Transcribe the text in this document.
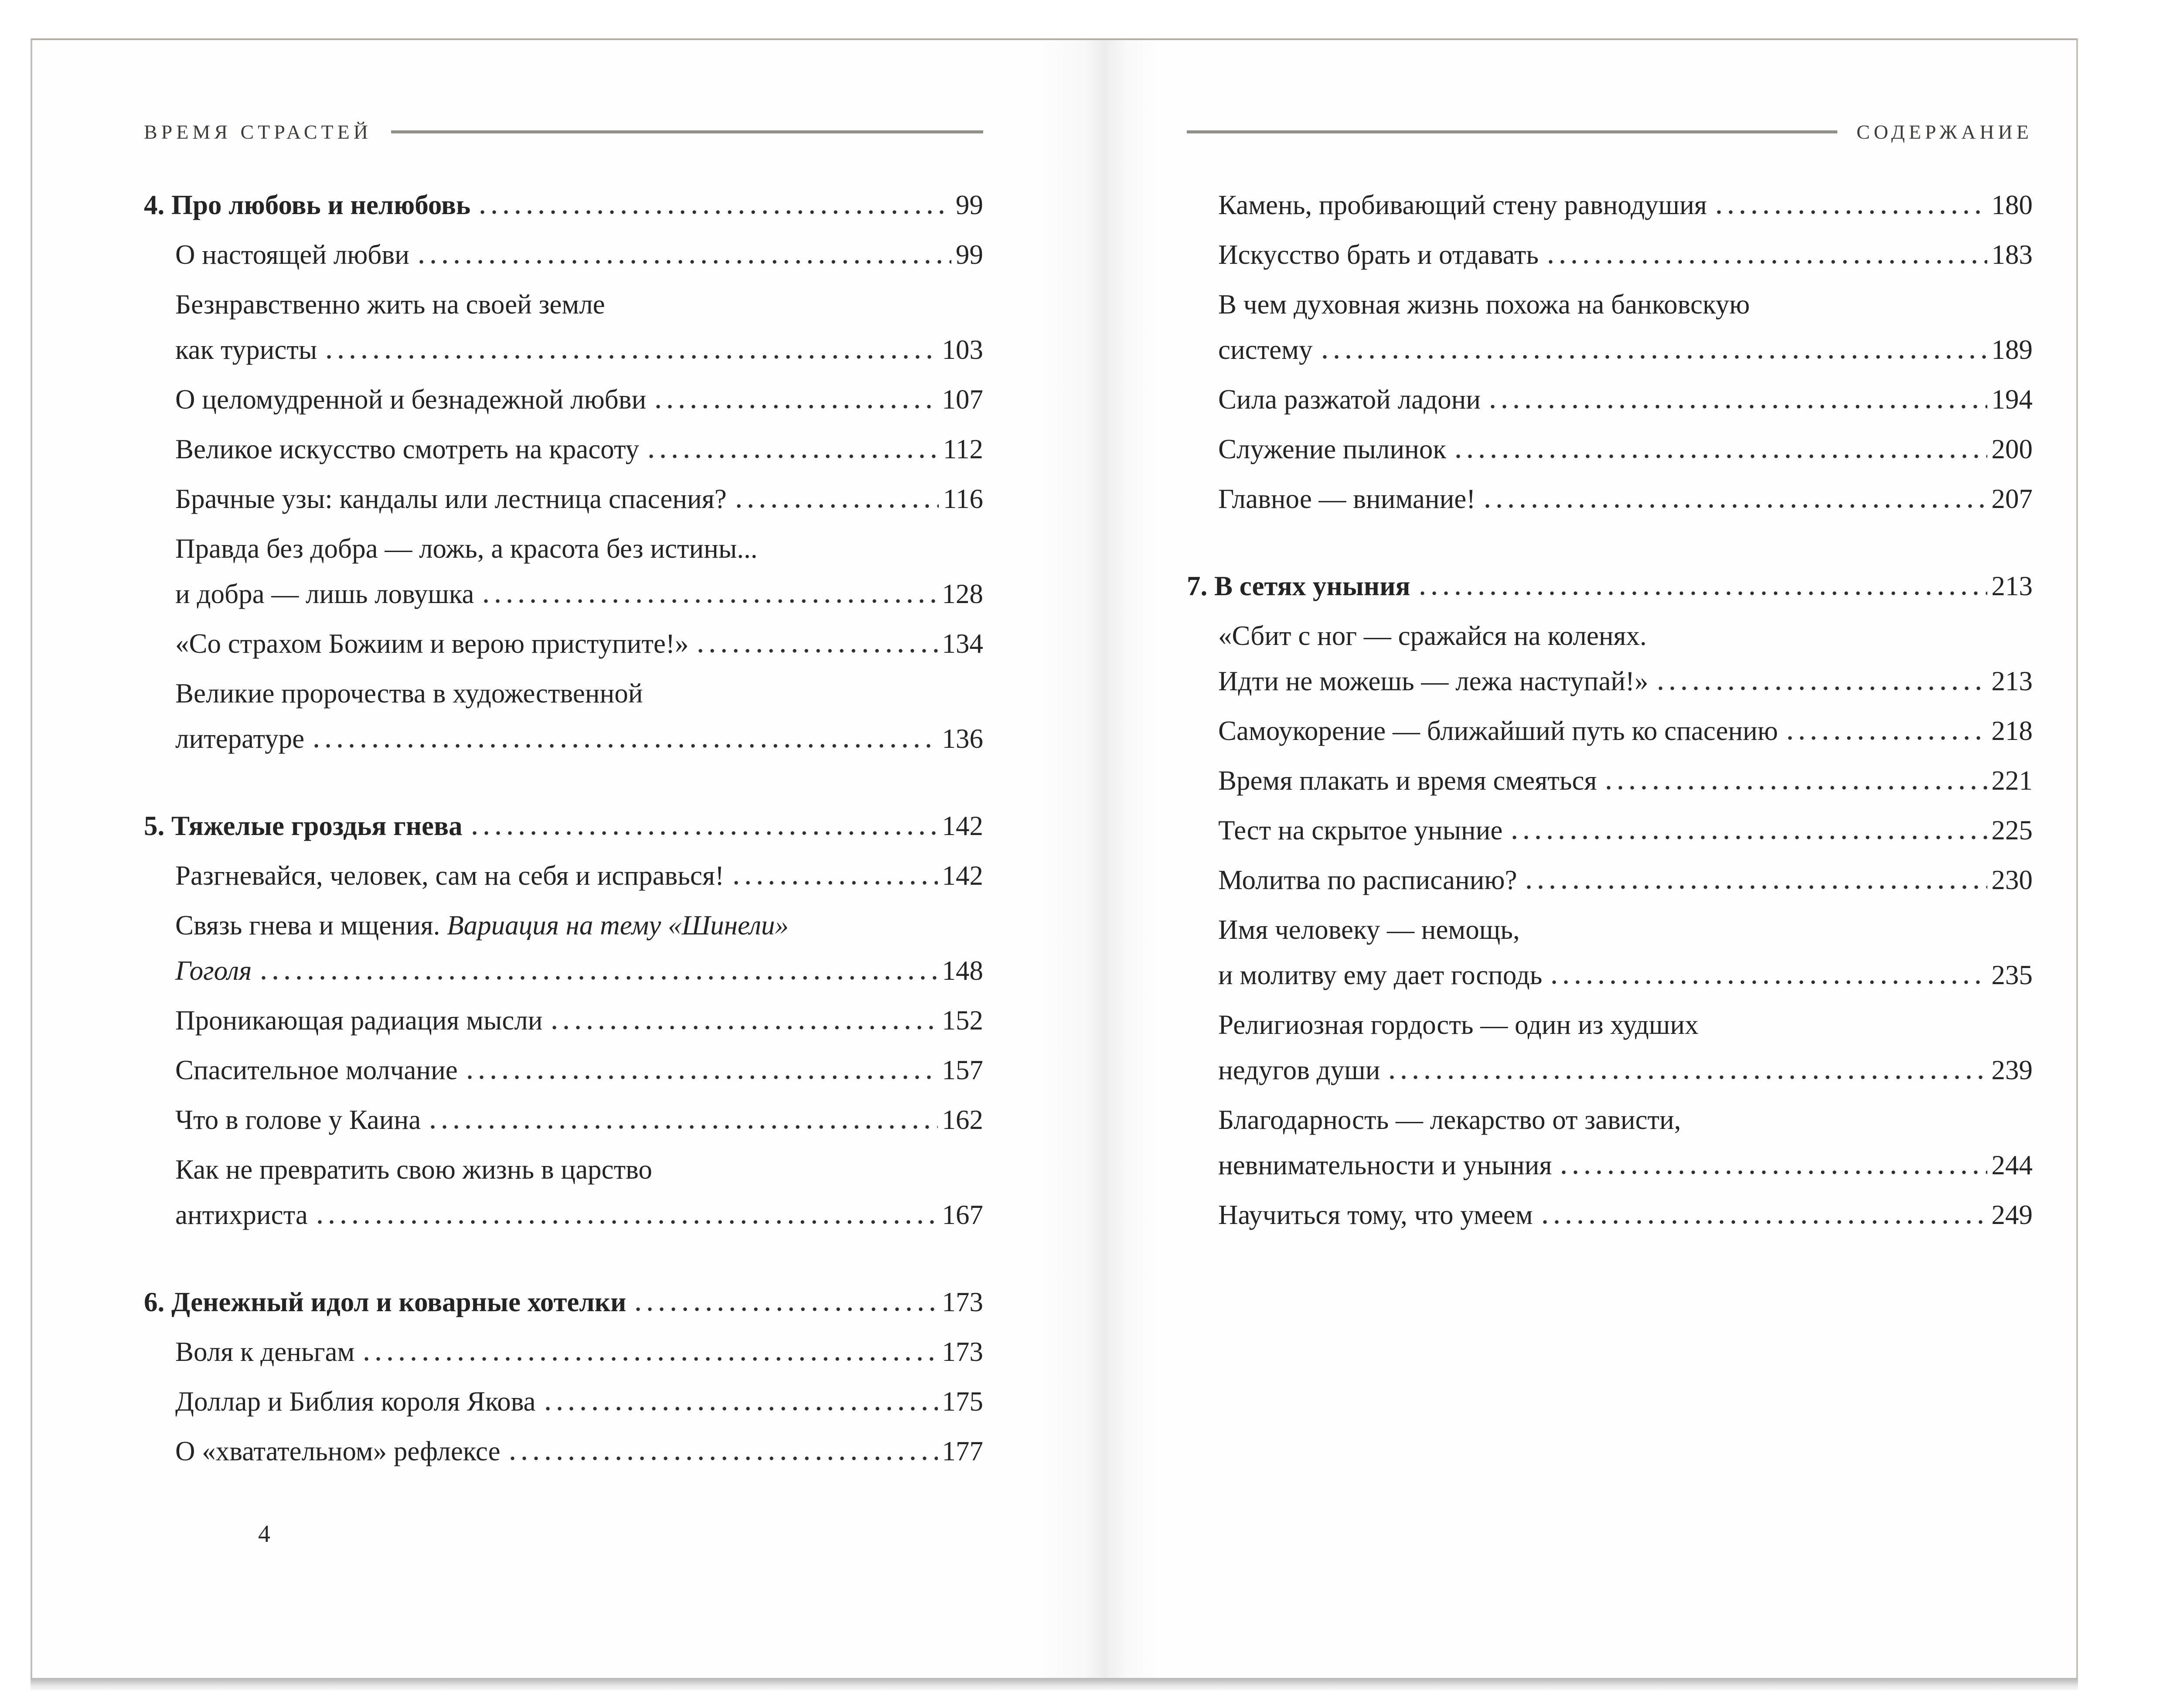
ВРЕМЯ СТРАСТЕЙ
4. Про любовь и нелюбовь	99
О настоящей любви	99
Безнравственно жить на своей земле
как туристы	103
О целомудренной и безнадежной любви	107
Великое искусство смотреть на красоту	112
Брачные узы: кандалы или лестница спасения?	116
Правда без добра — ложь, а красота без истины...
и добра — лишь ловушка	128
«Со страхом Божиим и верою приступите!»	134
Великие пророчества в художественной
литературе	136
5. Тяжелые гроздья гнева	142
Разгневайся, человек, сам на себя и исправься!	142
Связь гнева и мщения. Вариация на тему «Шинели»
Гоголя	148
Проникающая радиация мысли	152
Спасительное молчание	157
Что в голове у Каина	162
Как не превратить свою жизнь в царство
антихриста	167
6. Денежный идол и коварные хотелки	173
Воля к деньгам	173
Доллар и Библия короля Якова	175
О «хватательном» рефлексе	177
4
СОДЕРЖАНИЕ
Камень, пробивающий стену равнодушия	180
Искусство брать и отдавать	183
В чем духовная жизнь похожа на банковскую
систему	189
Сила разжатой ладони	194
Служение пылинок	200
Главное — внимание!	207
7. В сетях уныния	213
«Сбит с ног — сражайся на коленях.
Идти не можешь — лежа наступай!»	213
Самоукорение — ближайший путь ко спасению	218
Время плакать и время смеяться	221
Тест на скрытое уныние	225
Молитва по расписанию?	230
Имя человеку — немощь,
и молитву ему дает господь	235
Религиозная гордость — один из худших
недугов души	239
Благодарность — лекарство от зависти,
невнимательности и уныния	244
Научиться тому, что умеем	249
